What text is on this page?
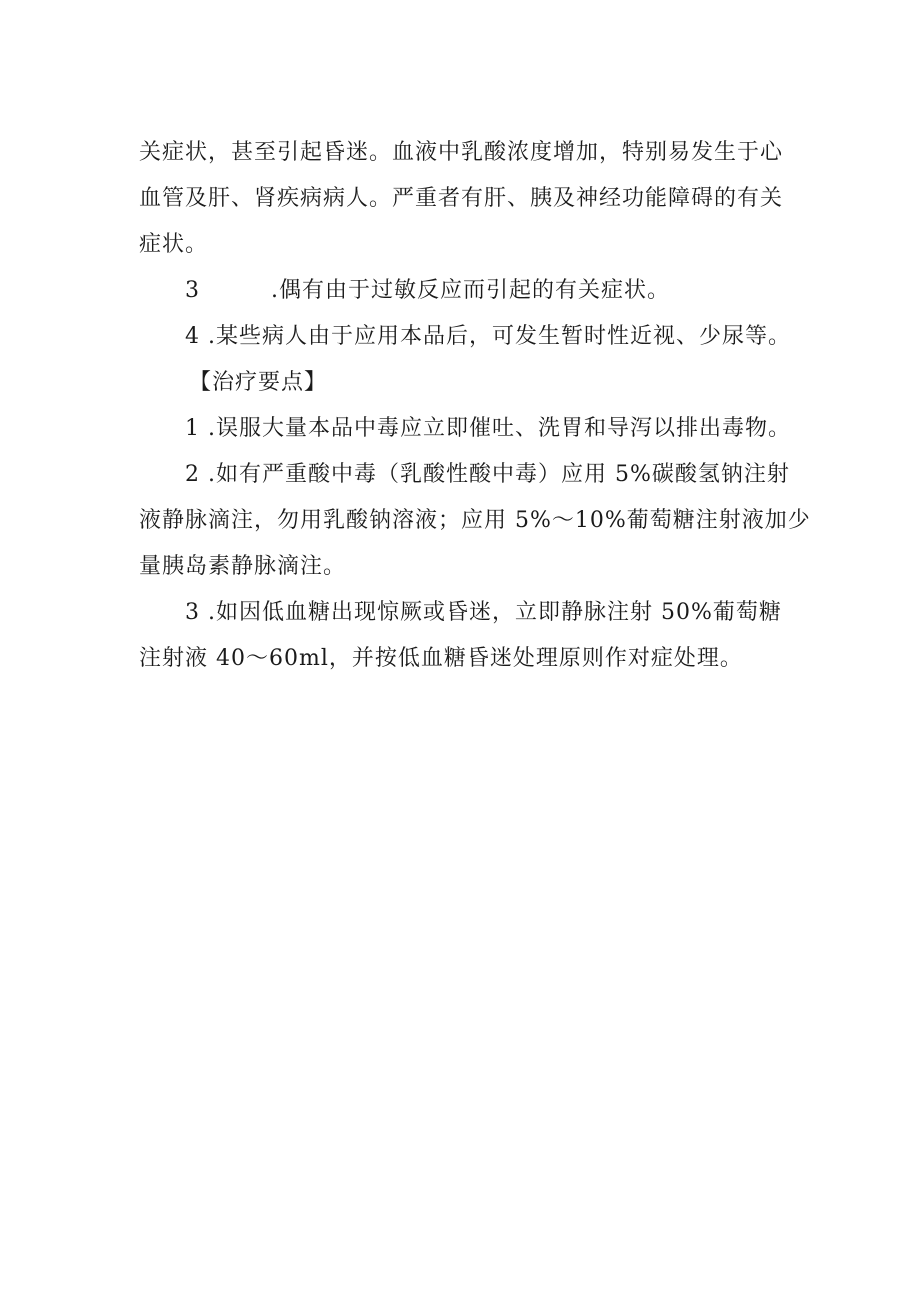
关症状，甚至引起昏迷。血液中乳酸浓度增加，特别易发生于心
血管及肝、肾疾病病人。严重者有肝、胰及神经功能障碍的有关
症状。
3	.偶有由于过敏反应而引起的有关症状。
4 .某些病人由于应用本品后，可发生暂时性近视、少尿等。
【治疗要点】
1 .误服大量本品中毒应立即催吐、洗胃和导泻以排出毒物。
2 .如有严重酸中毒（乳酸性酸中毒）应用 5%碳酸氢钠注射
液静脉滴注，勿用乳酸钠溶液；应用 5%～10%葡萄糖注射液加少
量胰岛素静脉滴注。
3 .如因低血糖出现惊厥或昏迷，立即静脉注射 50%葡萄糖
注射液 40～60ml，并按低血糖昏迷处理原则作对症处理。
